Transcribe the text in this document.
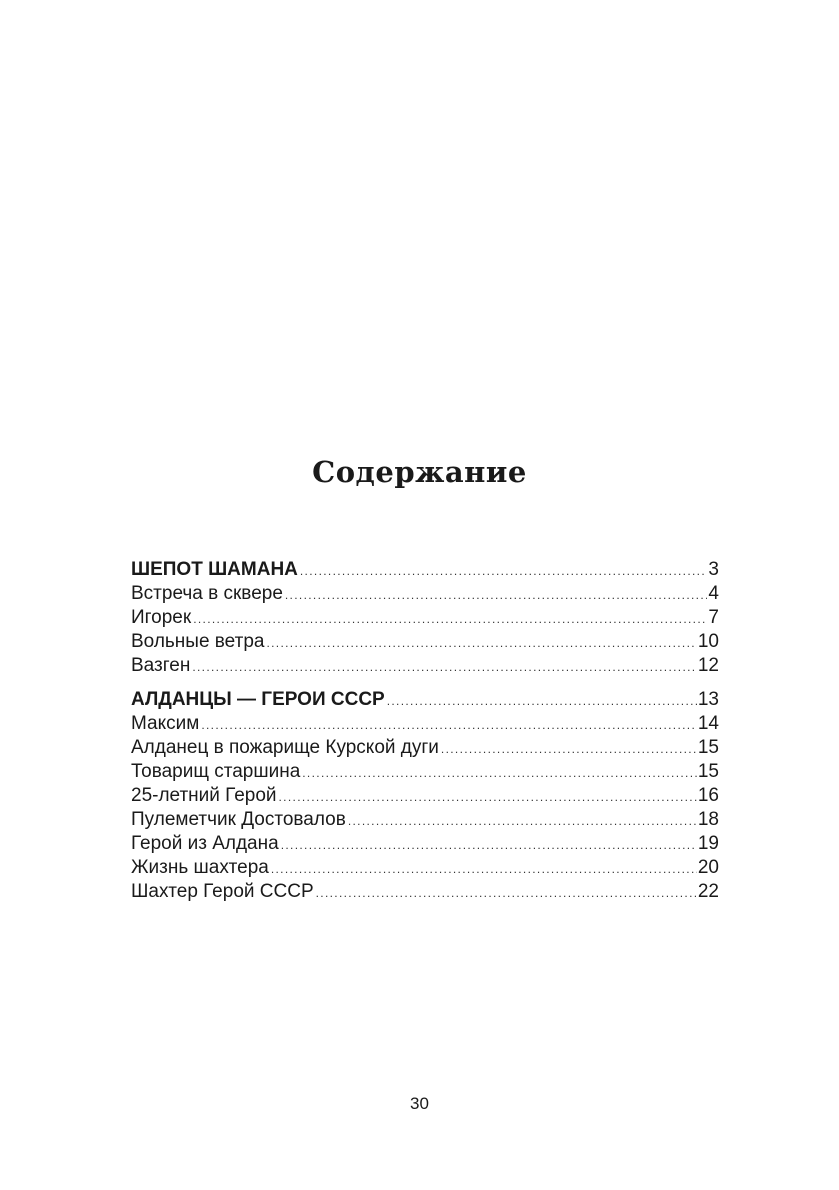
Содержание
ШЕПОТ ШАМАНА . . .	3
Встреча в сквере . . .	4
Игорек . . .	7
Вольные ветра . . .	10
Вазген . . .	12
АЛДАНЦЫ — ГЕРОИ СССР . . .	13
Максим . . .	14
Алданец в пожарище Курской дуги . . .	15
Товарищ старшина . . .	15
25-летний Герой . . .	16
Пулеметчик Достовалов . . .	18
Герой из Алдана . . .	19
Жизнь шахтера . . .	20
Шахтер Герой СССР . . .	22
30
